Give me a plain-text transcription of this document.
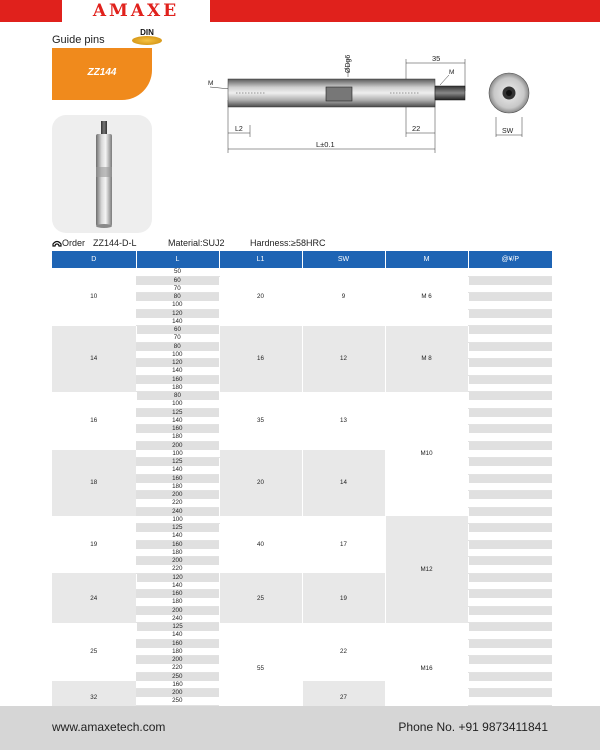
AMAXE
Guide pins
DIN
ZZ144	ØDg6	35
M
M
L2	22
L±0.1
SW
Order ZZ144-D-L	Material:SUJ2	Hardness:≥58HRC
D	L	L1	SW	M	@¥/P
10	50	20	9	M 6	
	60				
	70				
	80				
	100				
	120				
	140				
14	60	16	12	M 8	
	70				
	80				
	100				
	120				
	140				
	160				
	180				
16	80	35	13	M10	
	100				
	125				
	140				
	160				
	180				
	200				
18	100	20	14		
	125				
	140				
	160				
	180				
	200				
	220				
	240				
19	100	40	17	M12	
	125				
	140				
	160				
	180				
	200				
	220				
24	120	25	19		
	140				
	160				
	180				
	200				
	240				
25	125	55	22	M16	
	140				
	160				
	180				
	200				
	220				
	250				
32	160		27		
	200				
	250				

www.amaxetech.com	Phone No. +91 9873411841
